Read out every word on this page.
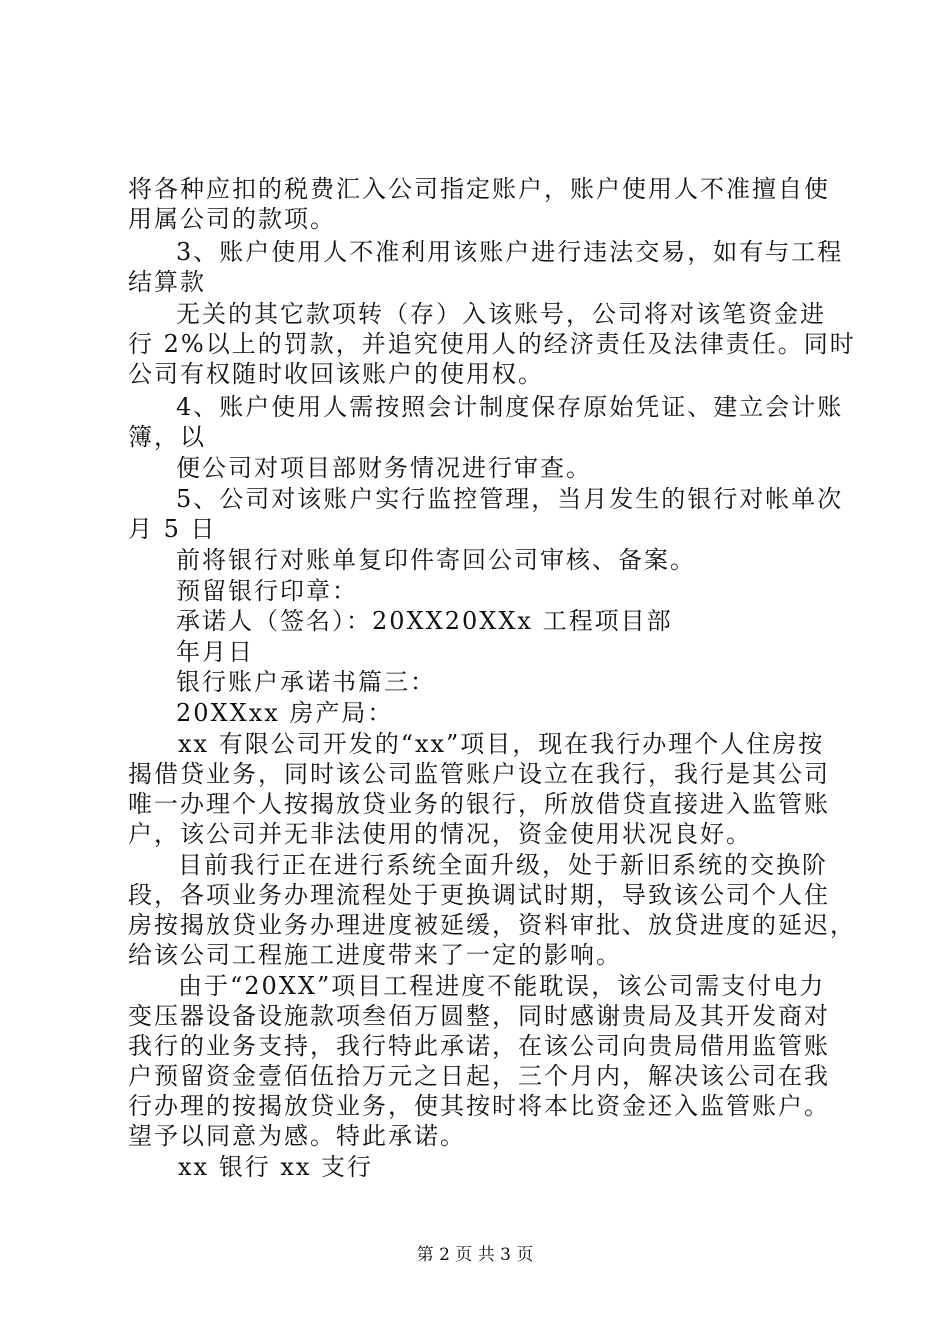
将各种应扣的税费汇入公司指定账户，账户使用人不准擅自使
用属公司的款项。
3、账户使用人不准利用该账户进行违法交易，如有与工程
结算款
无关的其它款项转（存）入该账号，公司将对该笔资金进
行 2%以上的罚款，并追究使用人的经济责任及法律责任。同时
公司有权随时收回该账户的使用权。
4、账户使用人需按照会计制度保存原始凭证、建立会计账
簿，以
便公司对项目部财务情况进行审查。
5、公司对该账户实行监控管理，当月发生的银行对帐单次
月 5 日
前将银行对账单复印件寄回公司审核、备案。
预留银行印章：
承诺人（签名）：20XX20XXx 工程项目部
年月日
银行账户承诺书篇三：
20XXxx 房产局：
xx 有限公司开发的“xx”项目，现在我行办理个人住房按
揭借贷业务，同时该公司监管账户设立在我行，我行是其公司
唯一办理个人按揭放贷业务的银行，所放借贷直接进入监管账
户，该公司并无非法使用的情况，资金使用状况良好。
目前我行正在进行系统全面升级，处于新旧系统的交换阶
段，各项业务办理流程处于更换调试时期，导致该公司个人住
房按揭放贷业务办理进度被延缓，资料审批、放贷进度的延迟，
给该公司工程施工进度带来了一定的影响。
由于“20XX”项目工程进度不能耽误，该公司需支付电力
变压器设备设施款项叁佰万圆整，同时感谢贵局及其开发商对
我行的业务支持，我行特此承诺，在该公司向贵局借用监管账
户预留资金壹佰伍拾万元之日起，三个月内，解决该公司在我
行办理的按揭放贷业务，使其按时将本比资金还入监管账户。
望予以同意为感。特此承诺。
xx 银行 xx 支行
第 2 页 共 3 页
